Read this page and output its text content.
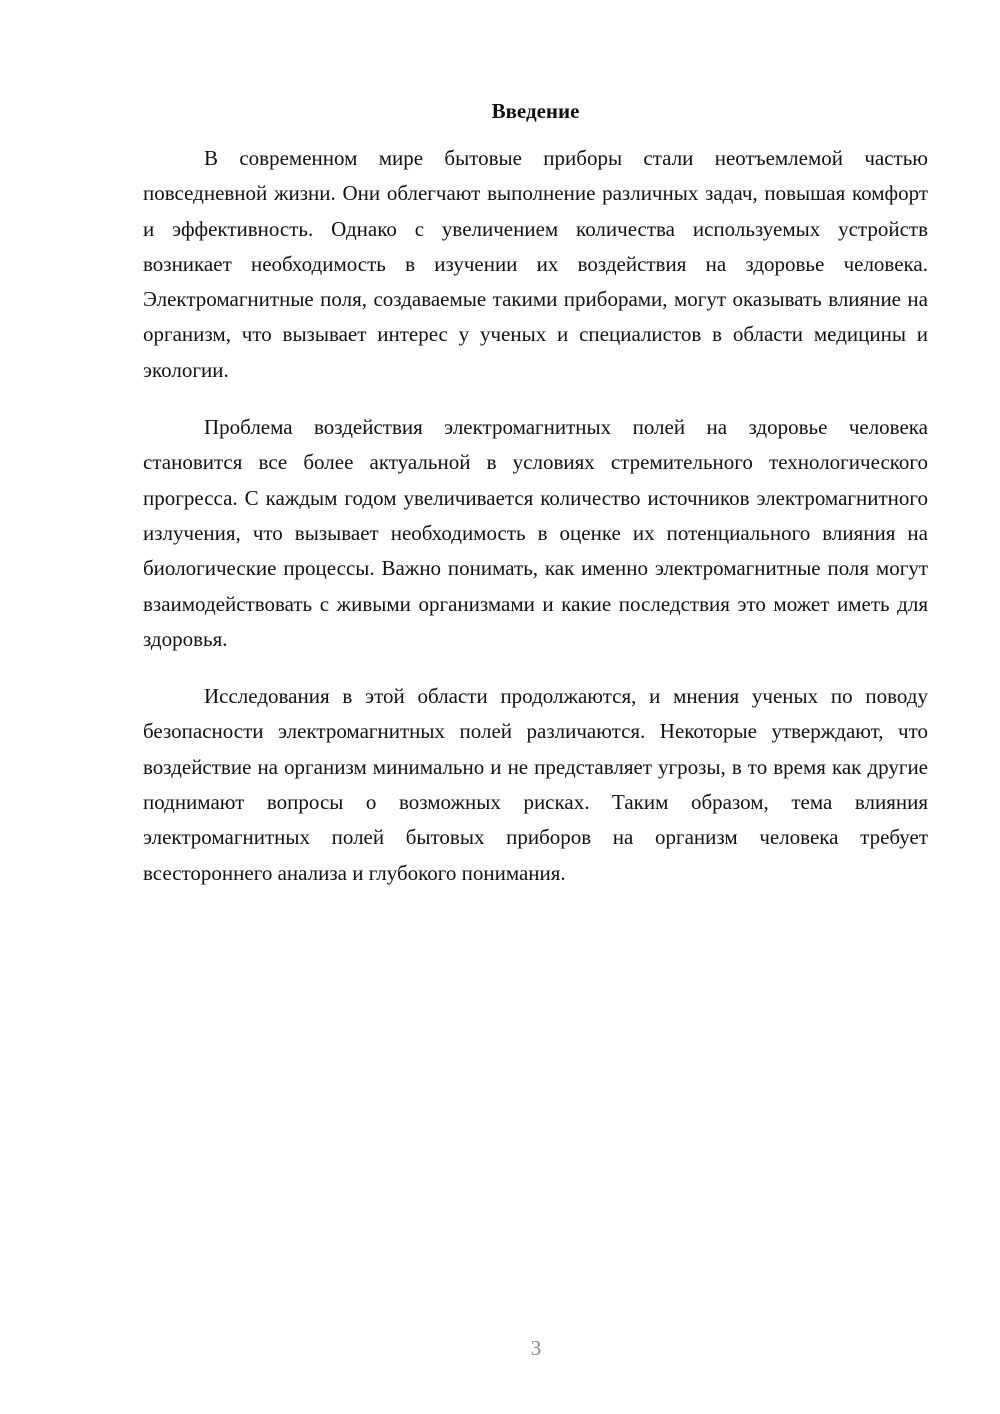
Введение

В современном мире бытовые приборы стали неотъемлемой частью повседневной жизни. Они облегчают выполнение различных задач, повышая комфорт и эффективность. Однако с увеличением количества используемых устройств возникает необходимость в изучении их воздействия на здоровье человека. Электромагнитные поля, создаваемые такими приборами, могут оказывать влияние на организм, что вызывает интерес у ученых и специалистов в области медицины и экологии.

Проблема воздействия электромагнитных полей на здоровье человека становится все более актуальной в условиях стремительного технологического прогресса. С каждым годом увеличивается количество источников электромагнитного излучения, что вызывает необходимость в оценке их потенциального влияния на биологические процессы. Важно понимать, как именно электромагнитные поля могут взаимодействовать с живыми организмами и какие последствия это может иметь для здоровья.

Исследования в этой области продолжаются, и мнения ученых по поводу безопасности электромагнитных полей различаются. Некоторые утверждают, что воздействие на организм минимально и не представляет угрозы, в то время как другие поднимают вопросы о возможных рисках. Таким образом, тема влияния электромагнитных полей бытовых приборов на организм человека требует всестороннего анализа и глубокого понимания.

3
